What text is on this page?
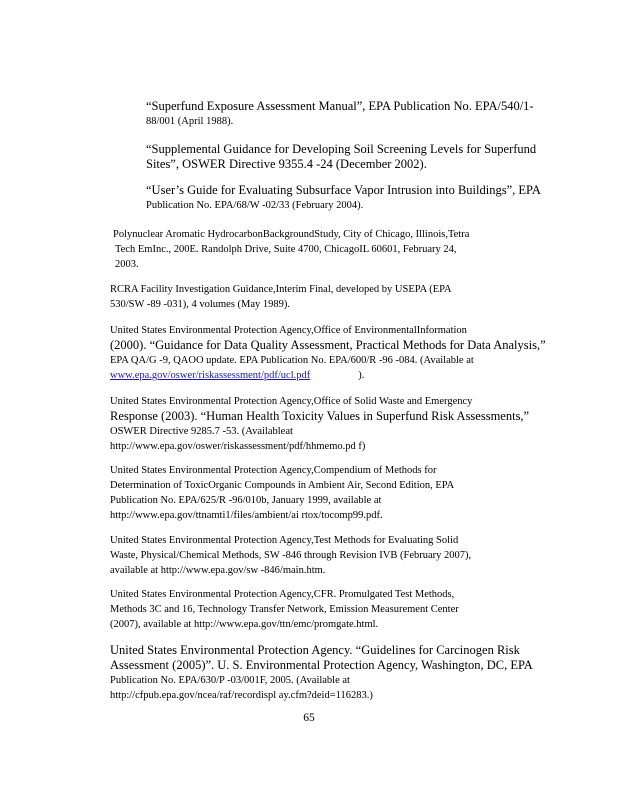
“Superfund Exposure Assessment Manual”, EPA Publication No. EPA/540/1-
88/001 (April 1988).

“Supplemental Guidance for Developing Soil Screening Levels for Superfund
Sites”, OSWER Directive 9355.4 -24 (December 2002).

“User’s Guide for Evaluating Subsurface Vapor Intrusion into Buildings”, EPA
Publication No. EPA/68/W -02/33 (February 2004).

Polynuclear Aromatic HydrocarbonBackgroundStudy, City of Chicago, Illinois,Tetra
Tech EmInc., 200E. Randolph Drive, Suite 4700, ChicagoIL 60601, February 24,
2003.

RCRA Facility Investigation Guidance,Interim Final, developed by USEPA (EPA
530/SW -89 -031), 4 volumes (May 1989).

United States Environmental Protection Agency,Office of EnvironmentalInformation
(2000). “Guidance for Data Quality Assessment, Practical Methods for Data Analysis,”
EPA QA/G -9, QAOO update. EPA Publication No. EPA/600/R -96 -084. (Available at
www.epa.gov/oswer/riskassessment/pdf/ucl.pdf	).

United States Environmental Protection Agency,Office of Solid Waste and Emergency
Response (2003). “Human Health Toxicity Values in Superfund Risk Assessments,”
OSWER Directive 9285.7 -53. (Availableat
http://www.epa.gov/oswer/riskassessment/pdf/hhmemo.pd f)

United States Environmental Protection Agency,Compendium of Methods for
Determination of ToxicOrganic Compounds in Ambient Air, Second Edition, EPA
Publication No. EPA/625/R -96/010b, January 1999, available at
http://www.epa.gov/ttnamti1/files/ambient/ai rtox/tocomp99.pdf.

United States Environmental Protection Agency,Test Methods for Evaluating Solid
Waste, Physical/Chemical Methods, SW -846 through Revision IVB (February 2007),
available at http://www.epa.gov/sw -846/main.htm.

United States Environmental Protection Agency,CFR. Promulgated Test Methods,
Methods 3C and 16, Technology Transfer Network, Emission Measurement Center
(2007), available at http://www.epa.gov/ttn/emc/promgate.html.

United States Environmental Protection Agency. “Guidelines for Carcinogen Risk
Assessment (2005)”. U. S. Environmental Protection Agency, Washington, DC, EPA
Publication No. EPA/630/P -03/001F, 2005. (Available at
http://cfpub.epa.gov/ncea/raf/recordispl ay.cfm?deid=116283.)

65
